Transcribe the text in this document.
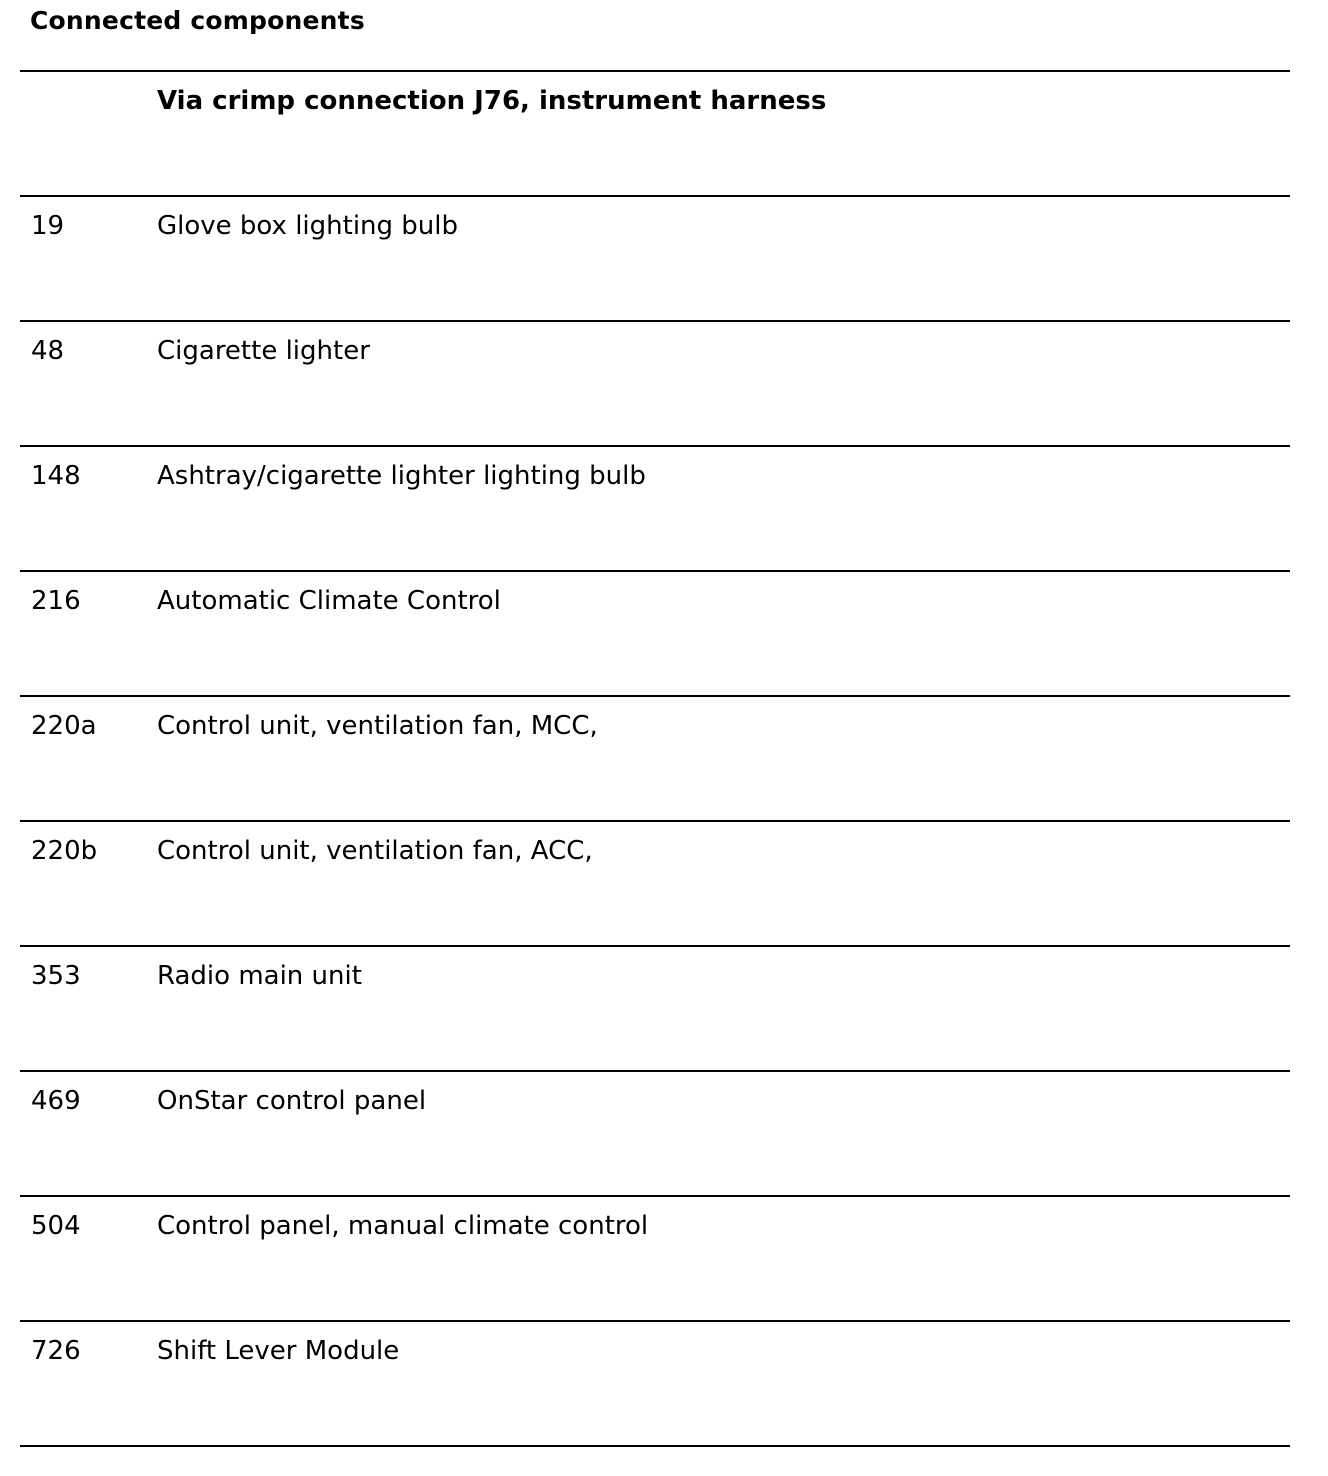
Connected components
Via crimp connection J76, instrument harness
19	Glove box lighting bulb
48	Cigarette lighter
148	Ashtray/cigarette lighter lighting bulb
216	Automatic Climate Control
220a Control unit, ventilation fan, MCC,
220b Control unit, ventilation fan, ACC,
353	Radio main unit
469	OnStar control panel
504	Control panel, manual climate control
726	Shift Lever Module
